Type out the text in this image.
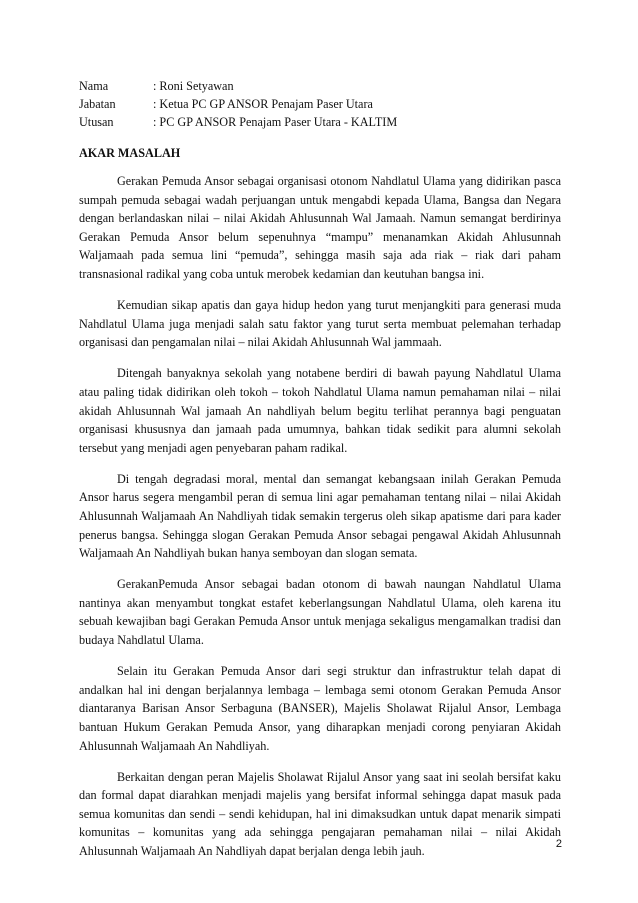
Nama	: Roni Setyawan
Jabatan	: Ketua PC GP ANSOR Penajam Paser Utara
Utusan	: PC GP ANSOR Penajam Paser Utara - KALTIM
AKAR MASALAH

Gerakan Pemuda Ansor sebagai organisasi otonom Nahdlatul Ulama yang didirikan pasca sumpah pemuda sebagai wadah perjuangan untuk mengabdi kepada Ulama, Bangsa dan Negara dengan berlandaskan nilai – nilai Akidah Ahlusunnah Wal Jamaah. Namun semangat berdirinya Gerakan Pemuda Ansor belum sepenuhnya “mampu” menanamkan Akidah Ahlusunnah Waljamaah pada semua lini “pemuda”, sehingga masih saja ada riak – riak dari paham transnasional radikal yang coba untuk merobek kedamian dan keutuhan bangsa ini.

Kemudian sikap apatis dan gaya hidup hedon yang turut menjangkiti para generasi muda Nahdlatul Ulama juga menjadi salah satu faktor yang turut serta membuat pelemahan terhadap organisasi dan pengamalan nilai – nilai Akidah Ahlusunnah Wal jammaah.

Ditengah banyaknya sekolah yang notabene berdiri di bawah payung Nahdlatul Ulama atau paling tidak didirikan oleh tokoh – tokoh Nahdlatul Ulama namun pemahaman nilai – nilai akidah Ahlusunnah Wal jamaah An nahdliyah belum begitu terlihat perannya bagi penguatan organisasi khususnya dan jamaah pada umumnya, bahkan tidak sedikit para alumni sekolah tersebut yang menjadi agen penyebaran paham radikal.

Di tengah degradasi moral, mental dan semangat kebangsaan inilah Gerakan Pemuda Ansor harus segera mengambil peran di semua lini agar pemahaman tentang nilai – nilai Akidah Ahlusunnah Waljamaah An Nahdliyah tidak semakin tergerus oleh sikap apatisme dari para kader penerus bangsa. Sehingga slogan Gerakan Pemuda Ansor sebagai pengawal Akidah Ahlusunnah Waljamaah An Nahdliyah bukan hanya semboyan dan slogan semata.

GerakanPemuda Ansor sebagai badan otonom di bawah naungan Nahdlatul Ulama nantinya akan menyambut tongkat estafet keberlangsungan Nahdlatul Ulama, oleh karena itu sebuah kewajiban bagi Gerakan Pemuda Ansor untuk menjaga sekaligus mengamalkan tradisi dan budaya Nahdlatul Ulama.

Selain itu Gerakan Pemuda Ansor dari segi struktur dan infrastruktur telah dapat di andalkan hal ini dengan berjalannya lembaga – lembaga semi otonom Gerakan Pemuda Ansor diantaranya Barisan Ansor Serbaguna (BANSER), Majelis Sholawat Rijalul Ansor, Lembaga bantuan Hukum Gerakan Pemuda Ansor, yang diharapkan menjadi corong penyiaran Akidah Ahlusunnah Waljamaah An Nahdliyah.

Berkaitan dengan peran Majelis Sholawat Rijalul Ansor yang saat ini seolah bersifat kaku dan formal dapat diarahkan menjadi majelis yang bersifat informal sehingga dapat masuk pada semua komunitas dan sendi – sendi kehidupan, hal ini dimaksudkan untuk dapat menarik simpati komunitas – komunitas yang ada sehingga pengajaran pemahaman nilai – nilai Akidah Ahlusunnah Waljamaah An Nahdliyah dapat berjalan denga lebih jauh.	2
